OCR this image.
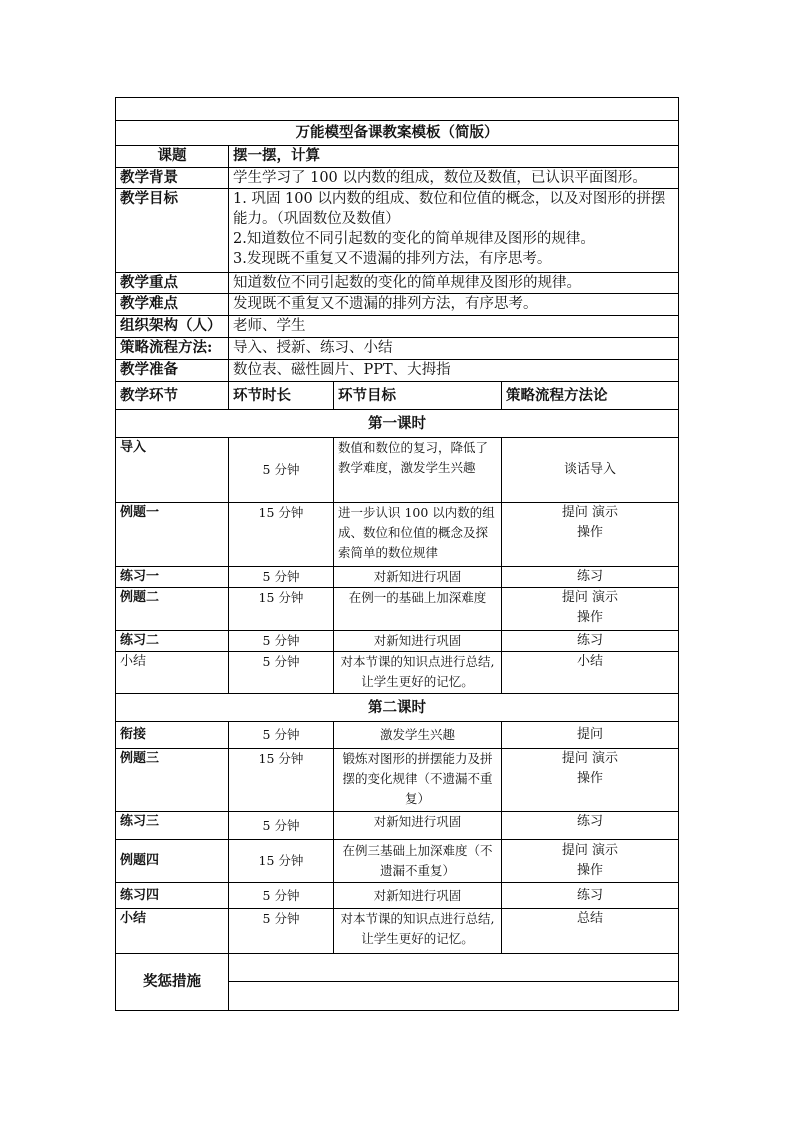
万能模型备课教案模板（简版）			
课题	摆一摆，计算		
教学背景	学生学习了 100 以内数的组成，数位及数值，已认识平面图形。		
教学目标	1. 巩固 100 以内数的组成、数位和位值的概念，以及对图形的拼摆能力。（巩固数位及数值）
2.知道数位不同引起数的变化的简单规律及图形的规律。
3.发现既不重复又不遗漏的排列方法，有序思考。		

教学重点	知道数位不同引起数的变化的简单规律及图形的规律。		
教学难点	发现既不重复又不遗漏的排列方法，有序思考。		
组织架构（人）	老师、学生		
策略流程方法:	导入、授新、练习、小结		
教学准备	数位表、磁性圆片、PPT、大拇指		
教学环节	环节时长	环节目标	策略流程方法论
第一课时			
导入	5 分钟	数值和数位的复习，降低了教学难度，激发学生兴趣	谈话导入
例题一	15 分钟	进一步认识 100 以内数的组成、数位和位值的概念及探索简单的数位规律	提问 演示
操作
练习一	5 分钟	对新知进行巩固	练习
例题二	15 分钟	在例一的基础上加深难度	提问 演示
操作
练习二	5 分钟	对新知进行巩固	练习
小结	5 分钟	对本节课的知识点进行总结,让学生更好的记忆。	小结
第二课时			
衔接	5 分钟	激发学生兴趣	提问
例题三	15 分钟	锻炼对图形的拼摆能力及拼摆的变化规律（不遗漏不重复）	提问 演示
操作
练习三	5 分钟	对新知进行巩固	练习
例题四	15 分钟	在例三基础上加深难度（不遗漏不重复）	提问 演示
操作
练习四	5 分钟	对新知进行巩固	练习
小结	5 分钟	对本节课的知识点进行总结,让学生更好的记忆。	总结
奖惩措施			
